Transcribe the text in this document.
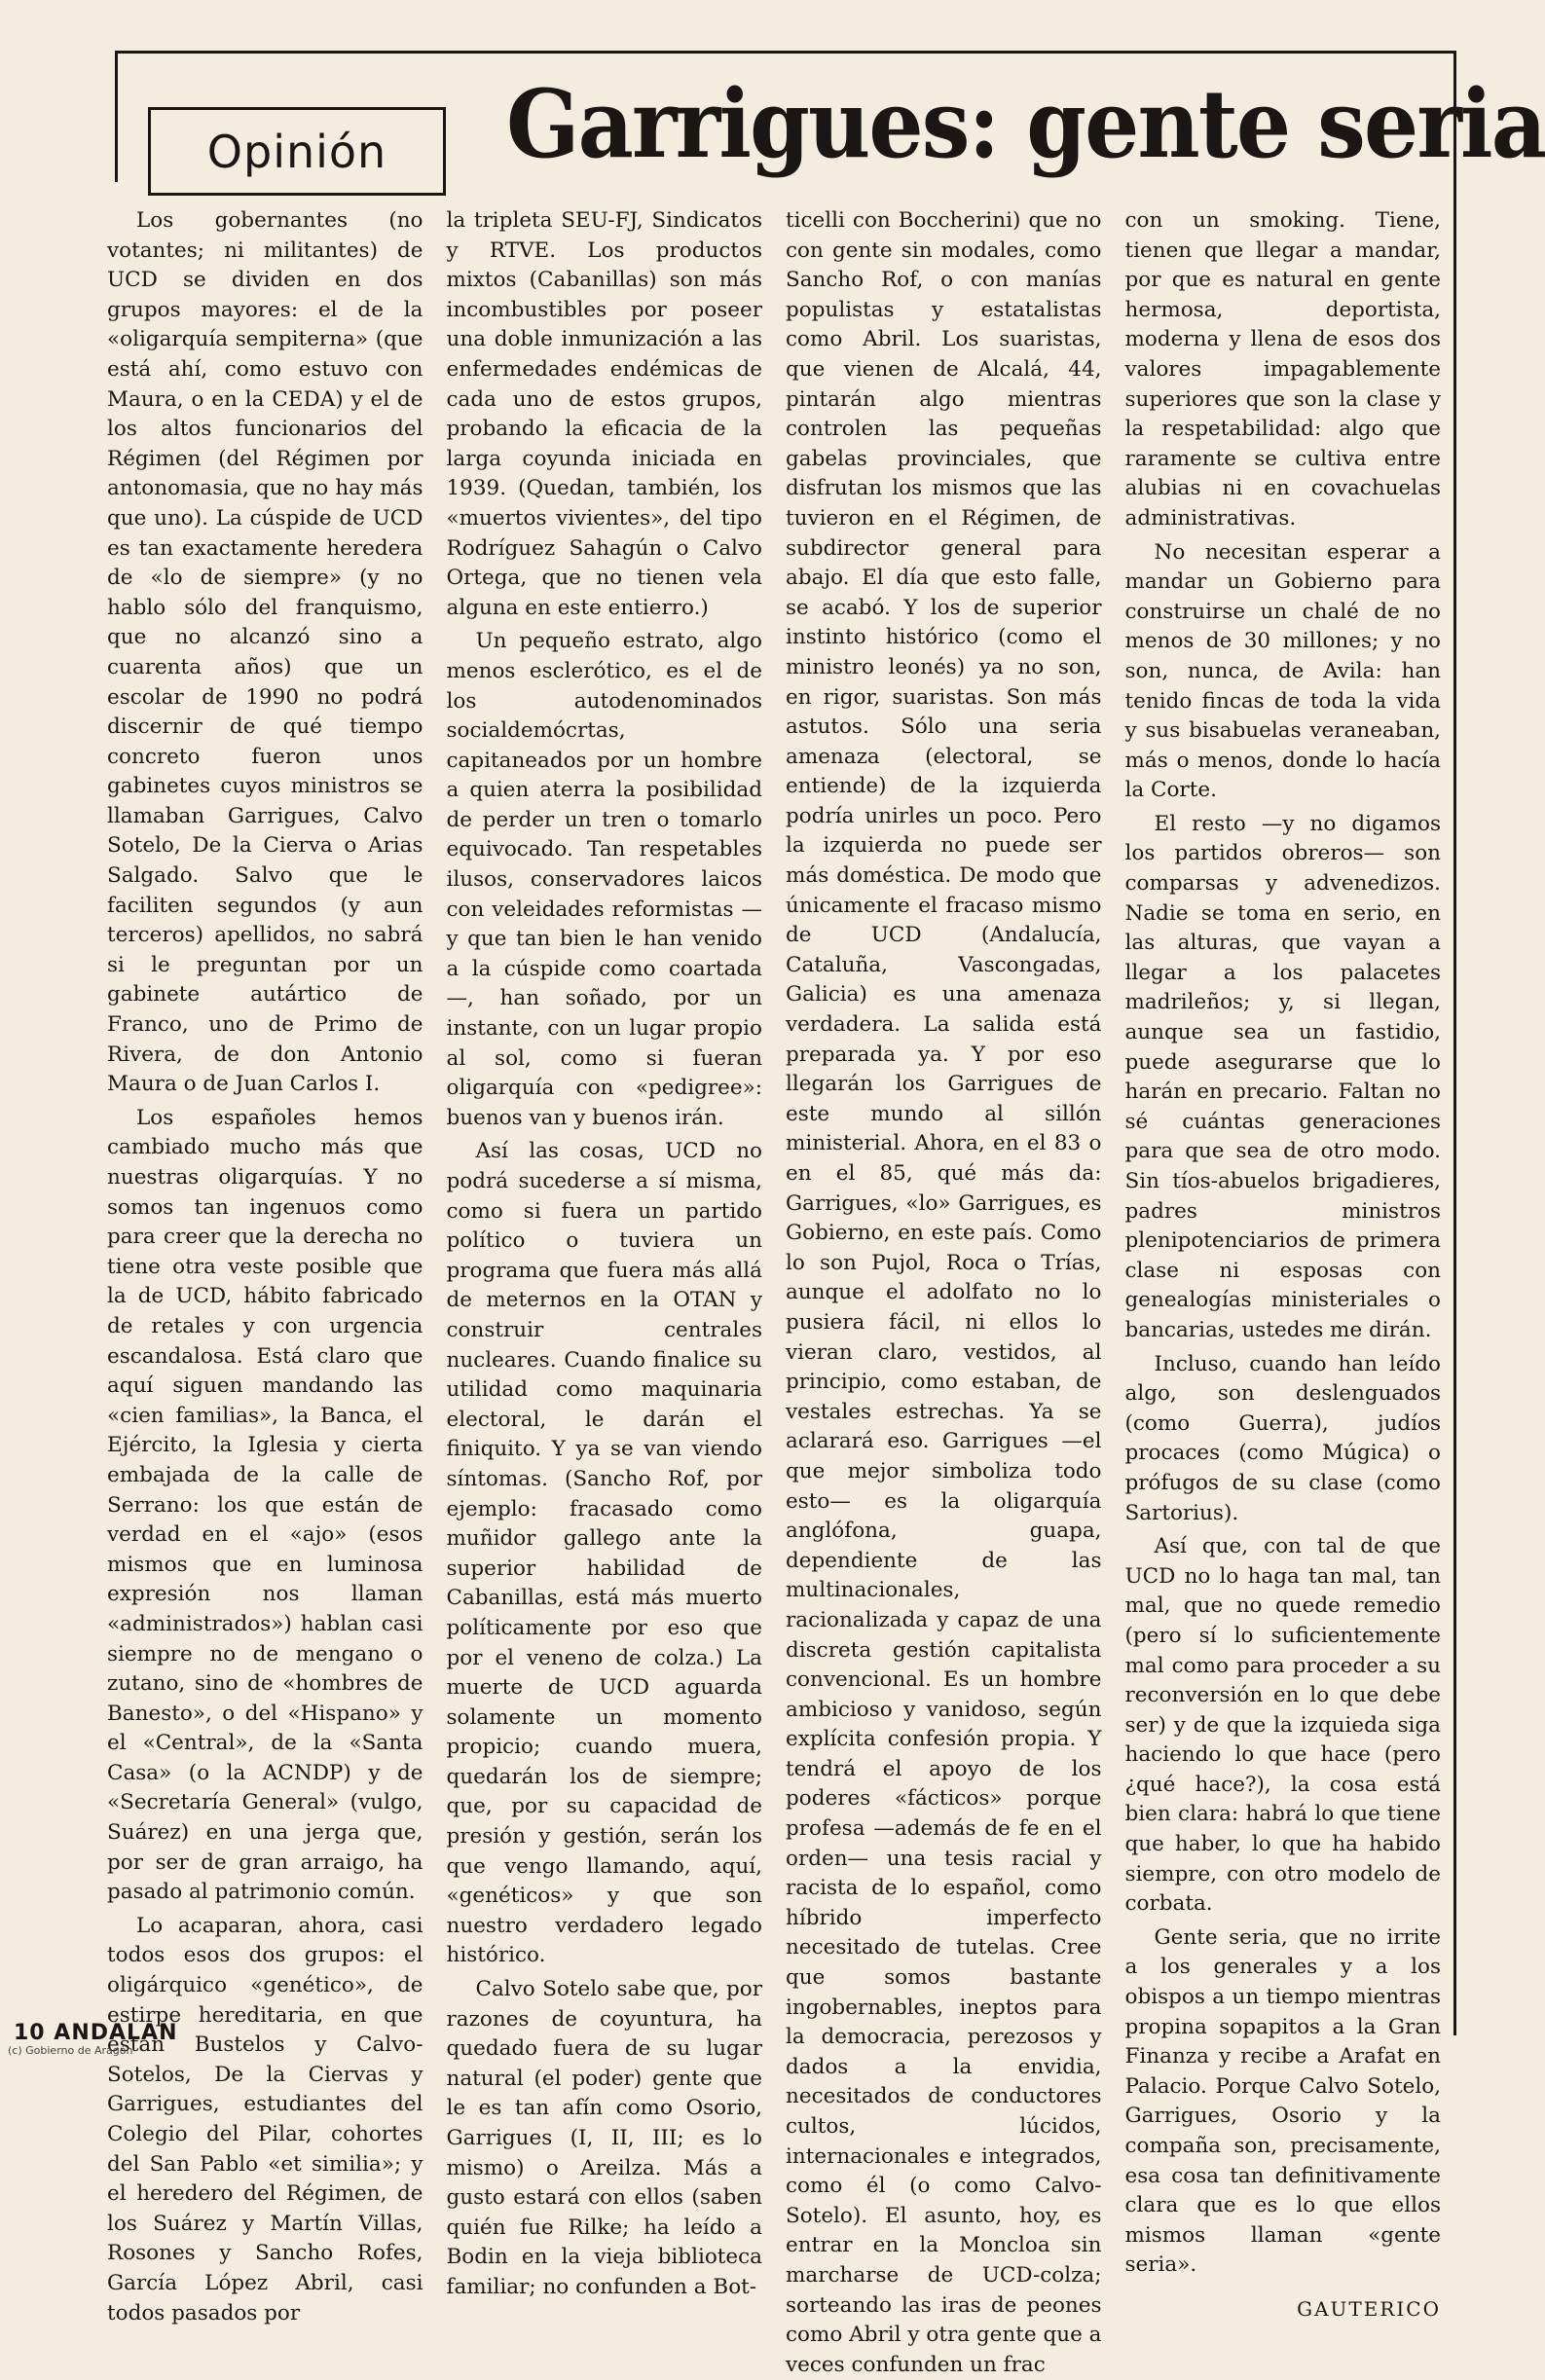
Opinión Garrigues: gente seria

Los gobernantes (no votantes; ni militantes) de UCD se dividen en dos grupos mayores: el de la «oligarquía sempiterna» (que está ahí, como estuvo con Maura, o en la CEDA) y el de los altos funcionarios del Régimen (del Régimen por antonomasia, que no hay más que uno). La cúspide de UCD es tan exactamente heredera de «lo de siempre» (y no hablo sólo del franquismo, que no alcanzó sino a cuarenta años) que un escolar de 1990 no podrá discernir de qué tiempo concreto fueron unos gabinetes cuyos ministros se llamaban Garrigues, Calvo Sotelo, De la Cierva o Arias Salgado. Salvo que le faciliten segundos (y aun terceros) apellidos, no sabrá si le preguntan por un gabinete autártico de Franco, uno de Primo de Rivera, de don Antonio Maura o de Juan Carlos I.

Los españoles hemos cambiado mucho más que nuestras oligarquías. Y no somos tan ingenuos como para creer que la derecha no tiene otra veste posible que la de UCD, hábito fabricado de retales y con urgencia escandalosa. Está claro que aquí siguen mandando las «cien familias», la Banca, el Ejército, la Iglesia y cierta embajada de la calle de Serrano: los que están de verdad en el «ajo» (esos mismos que en luminosa expresión nos llaman «administrados») hablan casi siempre no de mengano o zutano, sino de «hombres de Banesto», o del «Hispano» y el «Central», de la «Santa Casa» (o la ACNDP) y de «Secretaría General» (vulgo, Suárez) en una jerga que, por ser de gran arraigo, ha pasado al patrimonio común.

Lo acaparan, ahora, casi todos esos dos grupos: el oligárquico «genético», de estirpe hereditaria, en que están Bustelos y Calvo-Sotelos, De la Ciervas y Garrigues, estudiantes del Colegio del Pilar, cohortes del San Pablo «et similia»; y el heredero del Régimen, de los Suárez y Martín Villas, Rosones y Sancho Rofes, García López Abril, casi todos pasados por

la tripleta SEU-FJ, Sindicatos y RTVE. Los productos mixtos (Cabanillas) son más incombustibles por poseer una doble inmunización a las enfermedades endémicas de cada uno de estos grupos, probando la eficacia de la larga coyunda iniciada en 1939. (Quedan, también, los «muertos vivientes», del tipo Rodríguez Sahagún o Calvo Ortega, que no tienen vela alguna en este entierro.)

Un pequeño estrato, algo menos esclerótico, es el de los autodenominados socialdemócrtas, capitaneados por un hombre a quien aterra la posibilidad de perder un tren o tomarlo equivocado. Tan respetables ilusos, conservadores laicos con veleidades reformistas —y que tan bien le han venido a la cúspide como coartada—, han soñado, por un instante, con un lugar propio al sol, como si fueran oligarquía con «pedigree»: buenos van y buenos irán.

Así las cosas, UCD no podrá sucederse a sí misma, como si fuera un partido político o tuviera un programa que fuera más allá de meternos en la OTAN y construir centrales nucleares. Cuando finalice su utilidad como maquinaria electoral, le darán el finiquito. Y ya se van viendo síntomas. (Sancho Rof, por ejemplo: fracasado como muñidor gallego ante la superior habilidad de Cabanillas, está más muerto políticamente por eso que por el veneno de colza.) La muerte de UCD aguarda solamente un momento propicio; cuando muera, quedarán los de siempre; que, por su capacidad de presión y gestión, serán los que vengo llamando, aquí, «genéticos» y que son nuestro verdadero legado histórico.

Calvo Sotelo sabe que, por razones de coyuntura, ha quedado fuera de su lugar natural (el poder) gente que le es tan afín como Osorio, Garrigues (I, II, III; es lo mismo) o Areilza. Más a gusto estará con ellos (saben quién fue Rilke; ha leído a Bodin en la vieja biblioteca familiar; no confunden a Bot-

ticelli con Boccherini) que no con gente sin modales, como Sancho Rof, o con manías populistas y estatalistas como Abril. Los suaristas, que vienen de Alcalá, 44, pintarán algo mientras controlen las pequeñas gabelas provinciales, que disfrutan los mismos que las tuvieron en el Régimen, de subdirector general para abajo. El día que esto falle, se acabó. Y los de superior instinto histórico (como el ministro leonés) ya no son, en rigor, suaristas. Son más astutos. Sólo una seria amenaza (electoral, se entiende) de la izquierda podría unirles un poco. Pero la izquierda no puede ser más doméstica. De modo que únicamente el fracaso mismo de UCD (Andalucía, Cataluña, Vascongadas, Galicia) es una amenaza verdadera. La salida está preparada ya. Y por eso llegarán los Garrigues de este mundo al sillón ministerial. Ahora, en el 83 o en el 85, qué más da: Garrigues, «lo» Garrigues, es Gobierno, en este país. Como lo son Pujol, Roca o Trías, aunque el adolfato no lo pusiera fácil, ni ellos lo vieran claro, vestidos, al principio, como estaban, de vestales estrechas. Ya se aclarará eso. Garrigues —el que mejor simboliza todo esto— es la oligarquía anglófona, guapa, dependiente de las multinacionales, racionalizada y capaz de una discreta gestión capitalista convencional. Es un hombre ambicioso y vanidoso, según explícita confesión propia. Y tendrá el apoyo de los poderes «fácticos» porque profesa —además de fe en el orden— una tesis racial y racista de lo español, como híbrido imperfecto necesitado de tutelas. Cree que somos bastante ingobernables, ineptos para la democracia, perezosos y dados a la envidia, necesitados de conductores cultos, lúcidos, internacionales e integrados, como él (o como Calvo-Sotelo). El asunto, hoy, es entrar en la Moncloa sin marcharse de UCD-colza; sorteando las iras de peones como Abril y otra gente que a veces confunden un frac

con un smoking. Tiene, tienen que llegar a mandar, por que es natural en gente hermosa, deportista, moderna y llena de esos dos valores impagablemente superiores que son la clase y la respetabilidad: algo que raramente se cultiva entre alubias ni en covachuelas administrativas.

No necesitan esperar a mandar un Gobierno para construirse un chalé de no menos de 30 millones; y no son, nunca, de Avila: han tenido fincas de toda la vida y sus bisabuelas veraneaban, más o menos, donde lo hacía la Corte.

El resto —y no digamos los partidos obreros— son comparsas y advenedizos. Nadie se toma en serio, en las alturas, que vayan a llegar a los palacetes madrileños; y, si llegan, aunque sea un fastidio, puede asegurarse que lo harán en precario. Faltan no sé cuántas generaciones para que sea de otro modo. Sin tíos-abuelos brigadieres, padres ministros plenipotenciarios de primera clase ni esposas con genealogías ministeriales o bancarias, ustedes me dirán.

Incluso, cuando han leído algo, son deslenguados (como Guerra), judíos procaces (como Múgica) o prófugos de su clase (como Sartorius).

Así que, con tal de que UCD no lo haga tan mal, tan mal, que no quede remedio (pero sí lo suficientemente mal como para proceder a su reconversión en lo que debe ser) y de que la izquieda siga haciendo lo que hace (pero ¿qué hace?), la cosa está bien clara: habrá lo que tiene que haber, lo que ha habido siempre, con otro modelo de corbata.

Gente seria, que no irrite a los generales y a los obispos a un tiempo mientras propina sopapitos a la Gran Finanza y recibe a Arafat en Palacio. Porque Calvo Sotelo, Garrigues, Osorio y la compaña son, precisamente, esa cosa tan definitivamente clara que es lo que ellos mismos llaman «gente seria».

GAUTERICO
10 ANDALAN
(c) Gobierno de Aragón
